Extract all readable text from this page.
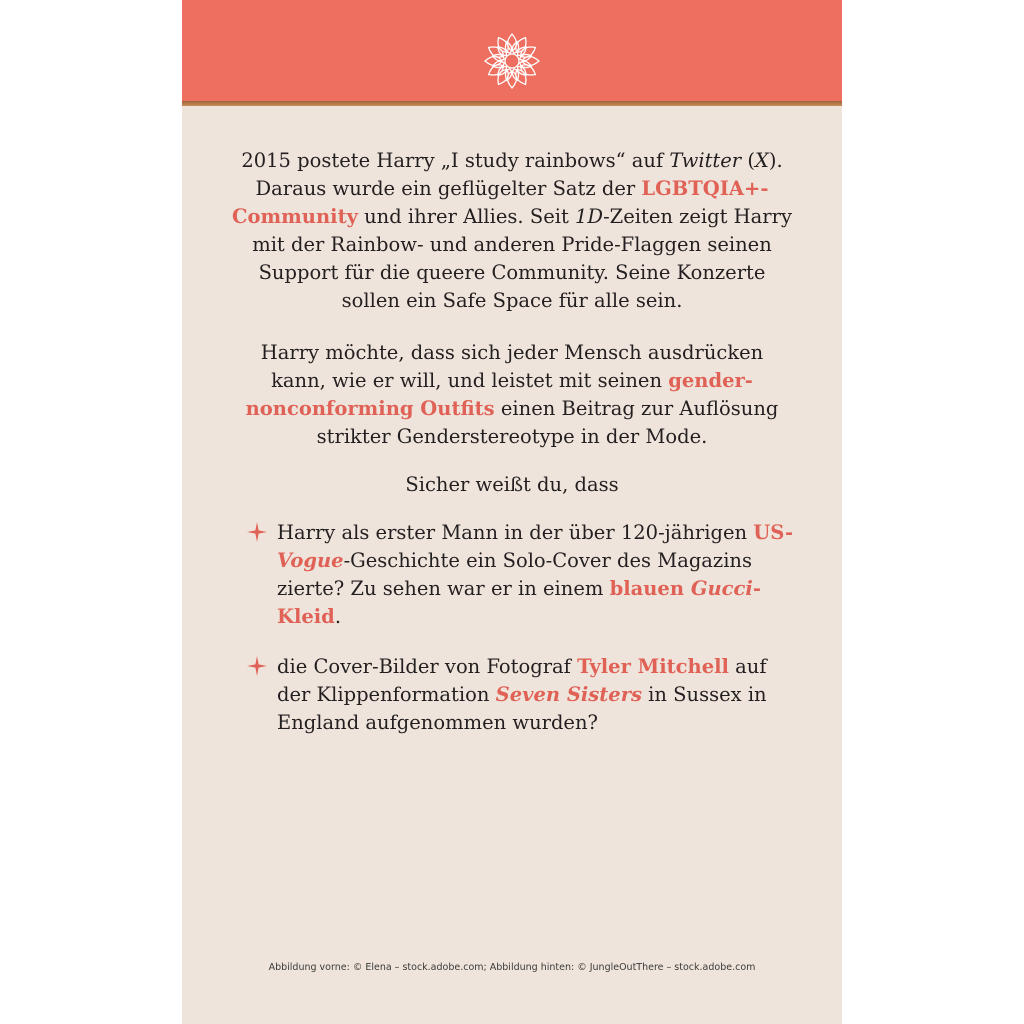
2015 postete Harry „I study rainbows“ auf Twitter (X). Daraus wurde ein geflügelter Satz der LGBTQIA+-Community und ihrer Allies. Seit 1D-Zeiten zeigt Harry mit der Rainbow- und anderen Pride-Flaggen seinen Support für die queere Community. Seine Konzerte sollen ein Safe Space für alle sein.
Harry möchte, dass sich jeder Mensch ausdrücken kann, wie er will, und leistet mit seinen gender-nonconforming Outfits einen Beitrag zur Auflösung strikter Genderstereotype in der Mode.
Sicher weißt du, dass
Harry als erster Mann in der über 120-jährigen US-Vogue-Geschichte ein Solo-Cover des Magazins zierte? Zu sehen war er in einem blauen Gucci-Kleid.
die Cover-Bilder von Fotograf Tyler Mitchell auf der Klippenformation Seven Sisters in Sussex in England aufgenommen wurden?
Abbildung vorne: © Elena – stock.adobe.com; Abbildung hinten: © JungleOutThere – stock.adobe.com
